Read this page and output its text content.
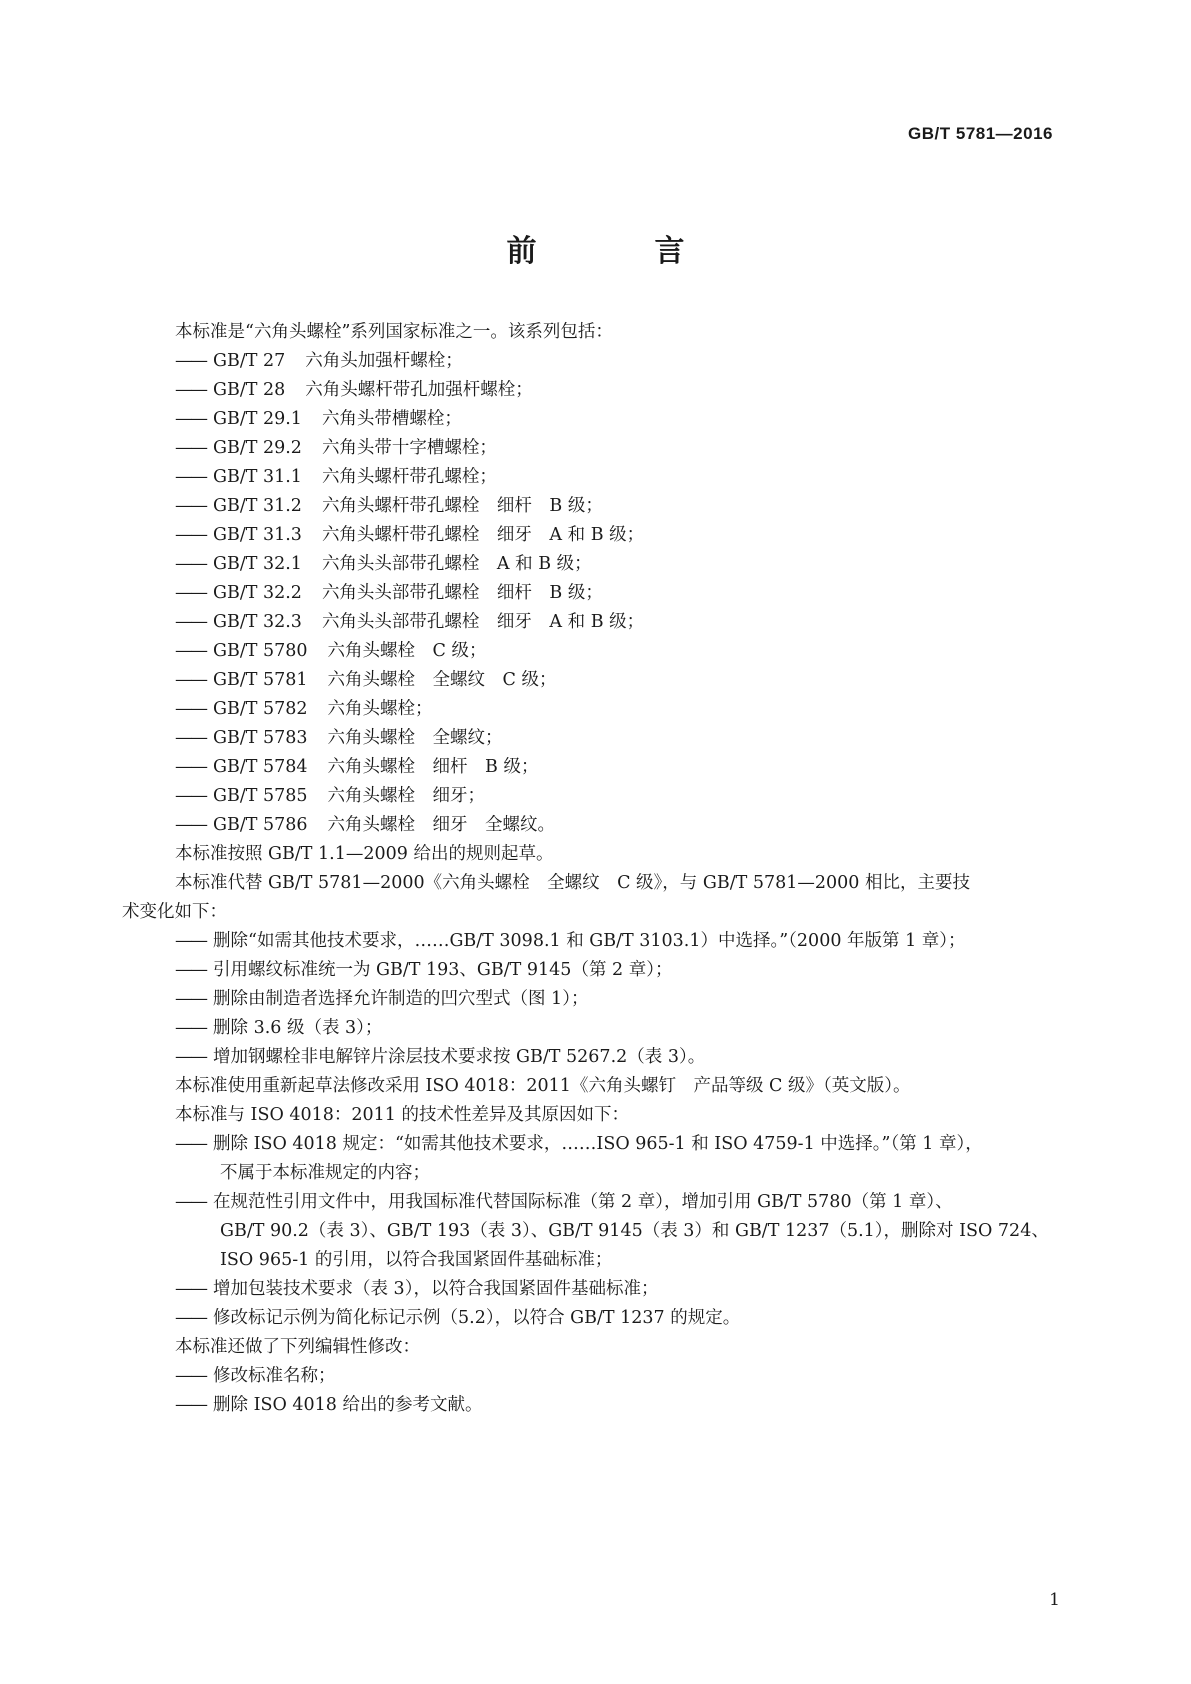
GB/T 5781—2016
前　言
本标准是“六角头螺栓”系列国家标准之一。该系列包括：
—— GB/T 27 六角头加强杆螺栓；
—— GB/T 28 六角头螺杆带孔加强杆螺栓；
—— GB/T 29.1 六角头带槽螺栓；
—— GB/T 29.2 六角头带十字槽螺栓；
—— GB/T 31.1 六角头螺杆带孔螺栓；
—— GB/T 31.2 六角头螺杆带孔螺栓　细杆　B 级；
—— GB/T 31.3 六角头螺杆带孔螺栓　细牙　A 和 B 级；
—— GB/T 32.1 六角头头部带孔螺栓　A 和 B 级；
—— GB/T 32.2 六角头头部带孔螺栓　细杆　B 级；
—— GB/T 32.3 六角头头部带孔螺栓　细牙　A 和 B 级；
—— GB/T 5780 六角头螺栓　C 级；
—— GB/T 5781 六角头螺栓　全螺纹　C 级；
—— GB/T 5782 六角头螺栓；
—— GB/T 5783 六角头螺栓　全螺纹；
—— GB/T 5784 六角头螺栓　细杆　B 级；
—— GB/T 5785 六角头螺栓　细牙；
—— GB/T 5786 六角头螺栓　细牙　全螺纹。
本标准按照 GB/T 1.1—2009 给出的规则起草。
本标准代替 GB/T 5781—2000《六角头螺栓　全螺纹　C 级》，与 GB/T 5781—2000 相比，主要技
术变化如下：
—— 删除“如需其他技术要求，……GB/T 3098.1 和 GB/T 3103.1）中选择。”（2000 年版第 1 章）；
—— 引用螺纹标准统一为 GB/T 193、GB/T 9145（第 2 章）；
—— 删除由制造者选择允许制造的凹穴型式（图 1）；
—— 删除 3.6 级（表 3）；
—— 增加钢螺栓非电解锌片涂层技术要求按 GB/T 5267.2（表 3）。
本标准使用重新起草法修改采用 ISO 4018：2011《六角头螺钉　产品等级 C 级》（英文版）。
本标准与 ISO 4018：2011 的技术性差异及其原因如下：
—— 删除 ISO 4018 规定：“如需其他技术要求，……ISO 965-1 和 ISO 4759-1 中选择。”（第 1 章），
不属于本标准规定的内容；
—— 在规范性引用文件中，用我国标准代替国际标准（第 2 章），增加引用 GB/T 5780（第 1 章）、
GB/T 90.2（表 3）、GB/T 193（表 3）、GB/T 9145（表 3）和 GB/T 1237（5.1），删除对 ISO 724、
ISO 965-1 的引用，以符合我国紧固件基础标准；
—— 增加包装技术要求（表 3），以符合我国紧固件基础标准；
—— 修改标记示例为简化标记示例（5.2），以符合 GB/T 1237 的规定。
本标准还做了下列编辑性修改：
—— 修改标准名称；
—— 删除 ISO 4018 给出的参考文献。
1
